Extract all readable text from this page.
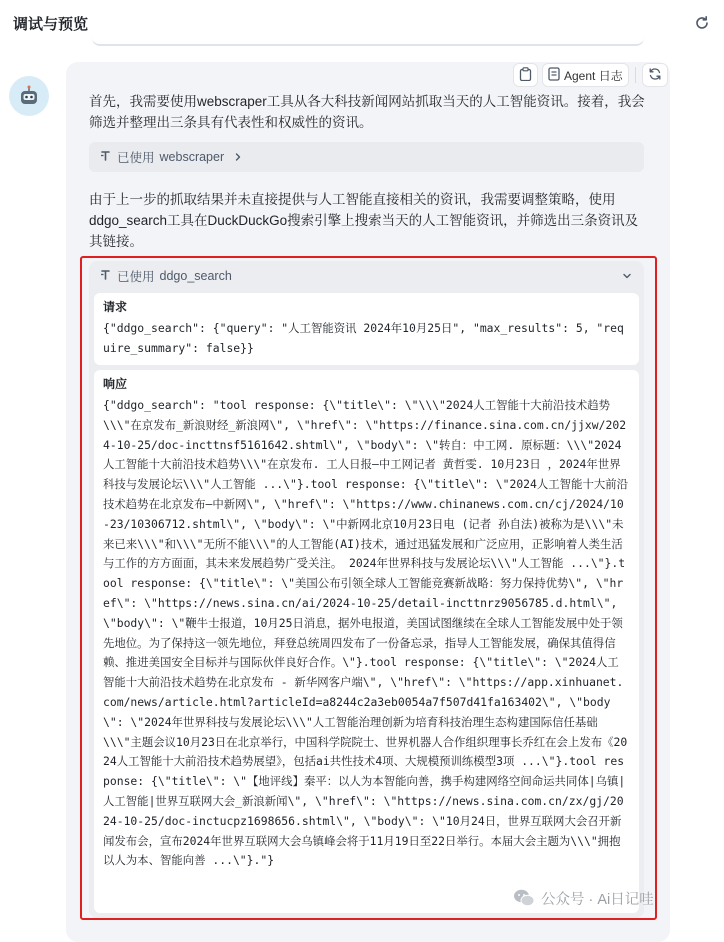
调试与预览
Agent 日志
首先，我需要使用webscraper工具从各大科技新闻网站抓取当天的人工智能资讯。接着，我会筛选并整理出三条具有代表性和权威性的资讯。
已使用 webscraper
由于上一步的抓取结果并未直接提供与人工智能直接相关的资讯，我需要调整策略，使用ddgo_search工具在DuckDuckGo搜索引擎上搜索当天的人工智能资讯，并筛选出三条资讯及其链接。
已使用 ddgo_search
请求
{"ddgo_search": {"query": "人工智能资讯 2024年10月25日", "max_results": 5, "require_summary": false}}
响应
{"ddgo_search": "tool response: {\"title\": \"\\\"2024人工智能十大前沿技术趋势\\\"在京发布_新浪财经_新浪网\", \"href\": \"https://finance.sina.com.cn/jjxw/2024-10-25/doc-incttnsf5161642.shtml\", \"body\": \"转自：中工网. 原标题：\\\"2024人工智能十大前沿技术趋势\\\"在京发布. 工人日报—中工网记者 黄哲雯. 10月23日 ，2024年世界科技与发展论坛\\\"人工智能 ...\"}.tool response: {\"title\": \"2024人工智能十大前沿技术趋势在北京发布—中新网\", \"href\": \"https://www.chinanews.com.cn/cj/2024/10-23/10306712.shtml\", \"body\": \"中新网北京10月23日电 (记者 孙自法)被称为是\\\"未来已来\\\"和\\\"无所不能\\\"的人工智能(AI)技术，通过迅猛发展和广泛应用，正影响着人类生活与工作的方方面面，其未来发展趋势广受关注。 2024年世界科技与发展论坛\\\"人工智能 ...\"}.tool response: {\"title\": \"美国公布引领全球人工智能竞赛新战略：努力保持优势\", \"href\": \"https://news.sina.cn/ai/2024-10-25/detail-incttnrz9056785.d.html\", \"body\": \"鞭牛士报道，10月25日消息，据外电报道，美国试图继续在全球人工智能发展中处于领先地位。为了保持这一领先地位，拜登总统周四发布了一份备忘录，指导人工智能发展，确保其值得信赖、推进美国安全目标并与国际伙伴良好合作。\"}.tool response: {\"title\": \"2024人工智能十大前沿技术趋势在北京发布 - 新华网客户端\", \"href\": \"https://app.xinhuanet.com/news/article.html?articleId=a8244c2a3eb0054a7f507d41fa163402\", \"body\": \"2024年世界科技与发展论坛\\\"人工智能治理创新为培育科技治理生态构建国际信任基础\\\"主题会议10月23日在北京举行，中国科学院院士、世界机器人合作组织理事长乔红在会上发布《2024人工智能十大前沿技术趋势展望》，包括ai共性技术4项、大规模预训练模型3项 ...\"}.tool response: {\"title\": \"【地评线】秦平：以人为本智能向善，携手构建网络空间命运共同体|乌镇|人工智能|世界互联网大会_新浪新闻\", \"href\": \"https://news.sina.com.cn/zx/gj/2024-10-25/doc-inctucpz1698656.shtml\", \"body\": \"10月24日，世界互联网大会召开新闻发布会，宣布2024年世界互联网大会乌镇峰会将于11月19日至22日举行。本届大会主题为\\\"拥抱以人为本、智能向善 ...\"}."}
公众号 · Ai日记哇
